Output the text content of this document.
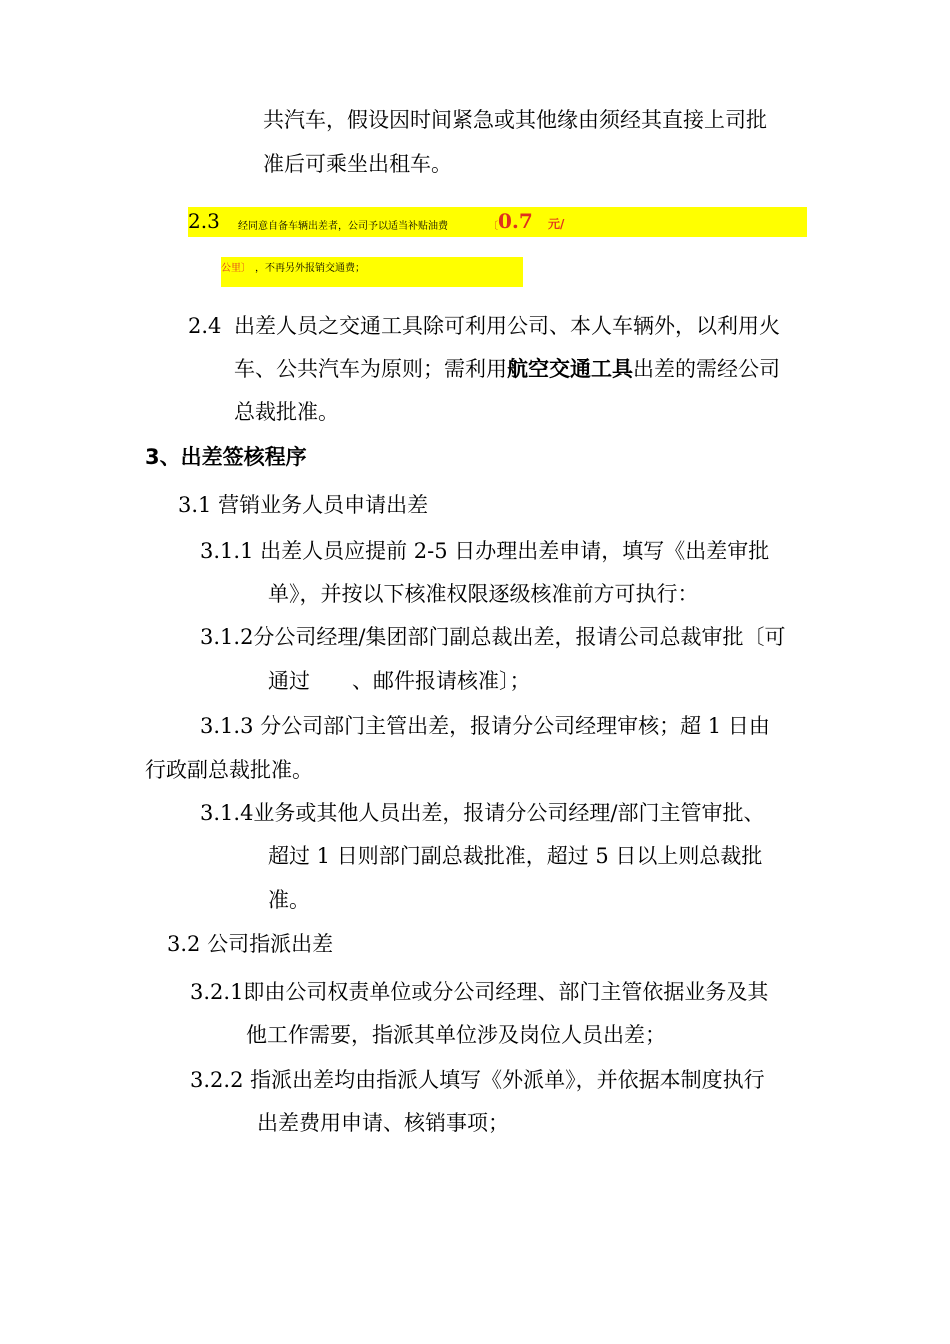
共汽车，假设因时间紧急或其他缘由须经其直接上司批
准后可乘坐出租车。
2.3 经同意自备车辆出差者，公司予以适当补贴油费	〔 0.7 元/
公里〕 ，不再另外报销交通费；
2.4 出差人员之交通工具除可利用公司、本人车辆外，以利用火
车、公共汽车为原则；需利用航空交通工具出差的需经公司
总裁批准。
3、出差签核程序
3.1 营销业务人员申请出差
3.1.1 出差人员应提前 2-5 日办理出差申请，填写《出差审批
单》，并按以下核准权限逐级核准前方可执行：
3.1.2分公司经理/集团部门副总裁出差，报请公司总裁审批〔可
通过　　、邮件报请核准〕；
3.1.3 分公司部门主管出差，报请分公司经理审核；超 1 日由
行政副总裁批准。
3.1.4业务或其他人员出差，报请分公司经理/部门主管审批、
超过 1 日则部门副总裁批准，超过 5 日以上则总裁批
准。
3.2 公司指派出差
3.2.1即由公司权责单位或分公司经理、部门主管依据业务及其
他工作需要，指派其单位涉及岗位人员出差；
3.2.2 指派出差均由指派人填写《外派单》，并依据本制度执行
出差费用申请、核销事项；
